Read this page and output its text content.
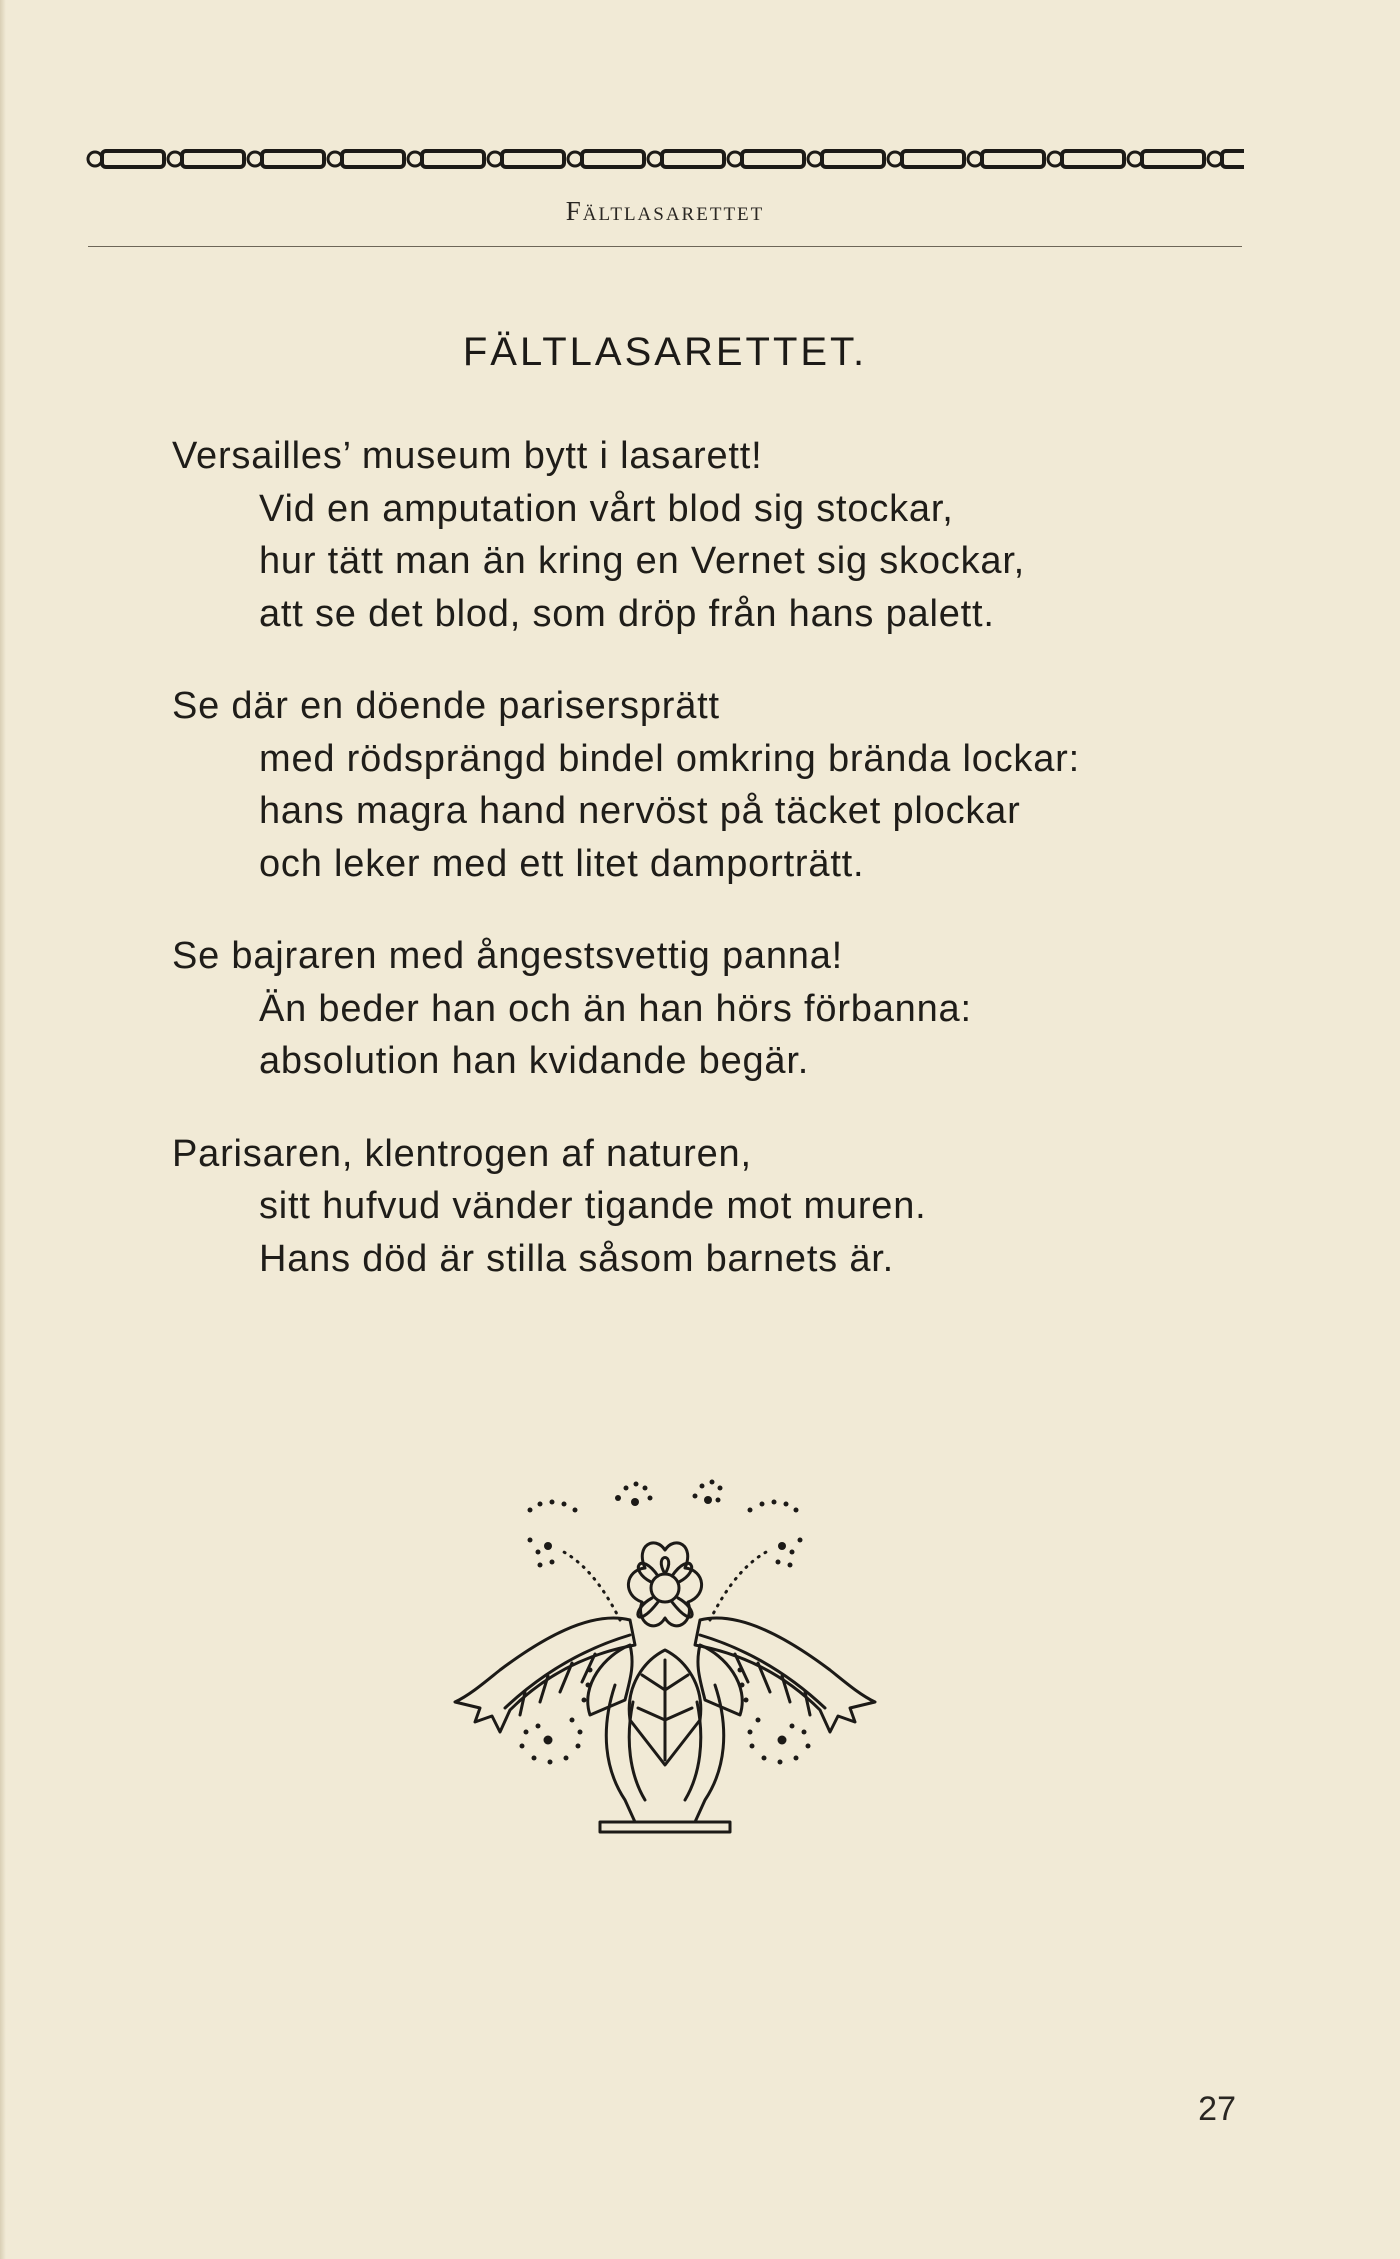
Fältlasarettet
FÄLTLASARETTET.
Versailles’ museum bytt i lasarett!
Vid en amputation vårt blod sig stockar,
hur tätt man än kring en Vernet sig skockar,
att se det blod, som dröp från hans palett.
Se där en döende parisersprätt
med rödsprängd bindel omkring brända lockar:
hans magra hand nervöst på täcket plockar
och leker med ett litet damporträtt.
Se bajraren med ångestsvettig panna!
Än beder han och än han hörs förbanna:
absolution han kvidande begär.
Parisaren, klentrogen af naturen,
sitt hufvud vänder tigande mot muren.
Hans död är stilla såsom barnets är.
27
